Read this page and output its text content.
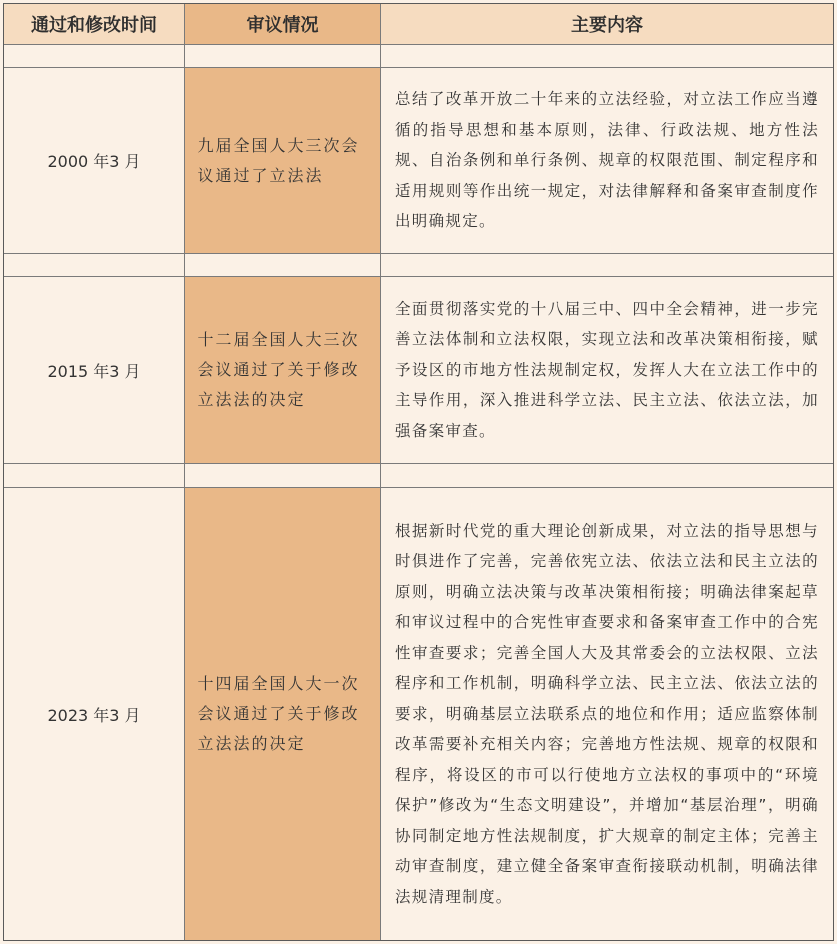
通过和修改时间	审议情况	主要内容
2000 年3 月
九届全国人大三次会议通过了立法法
总结了改革开放二十年来的立法经验，对立法工作应当遵循的指导思想和基本原则，法律、行政法规、地方性法规、自治条例和单行条例、规章的权限范围、制定程序和适用规则等作出统一规定，对法律解释和备案审查制度作出明确规定。
2015 年3 月
十二届全国人大三次会议通过了关于修改立法法的决定
全面贯彻落实党的十八届三中、四中全会精神，进一步完善立法体制和立法权限，实现立法和改革决策相衔接，赋予设区的市地方性法规制定权，发挥人大在立法工作中的主导作用，深入推进科学立法、民主立法、依法立法，加强备案审查。
2023 年3 月
十四届全国人大一次会议通过了关于修改立法法的决定
根据新时代党的重大理论创新成果，对立法的指导思想与时俱进作了完善，完善依宪立法、依法立法和民主立法的原则，明确立法决策与改革决策相衔接；明确法律案起草和审议过程中的合宪性审查要求和备案审查工作中的合宪性审查要求；完善全国人大及其常委会的立法权限、立法程序和工作机制，明确科学立法、民主立法、依法立法的要求，明确基层立法联系点的地位和作用；适应监察体制改革需要补充相关内容；完善地方性法规、规章的权限和程序，将设区的市可以行使地方立法权的事项中的“环境保护”修改为“生态文明建设”，并增加“基层治理”，明确协同制定地方性法规制度，扩大规章的制定主体；完善主动审查制度，建立健全备案审查衔接联动机制，明确法律法规清理制度。
